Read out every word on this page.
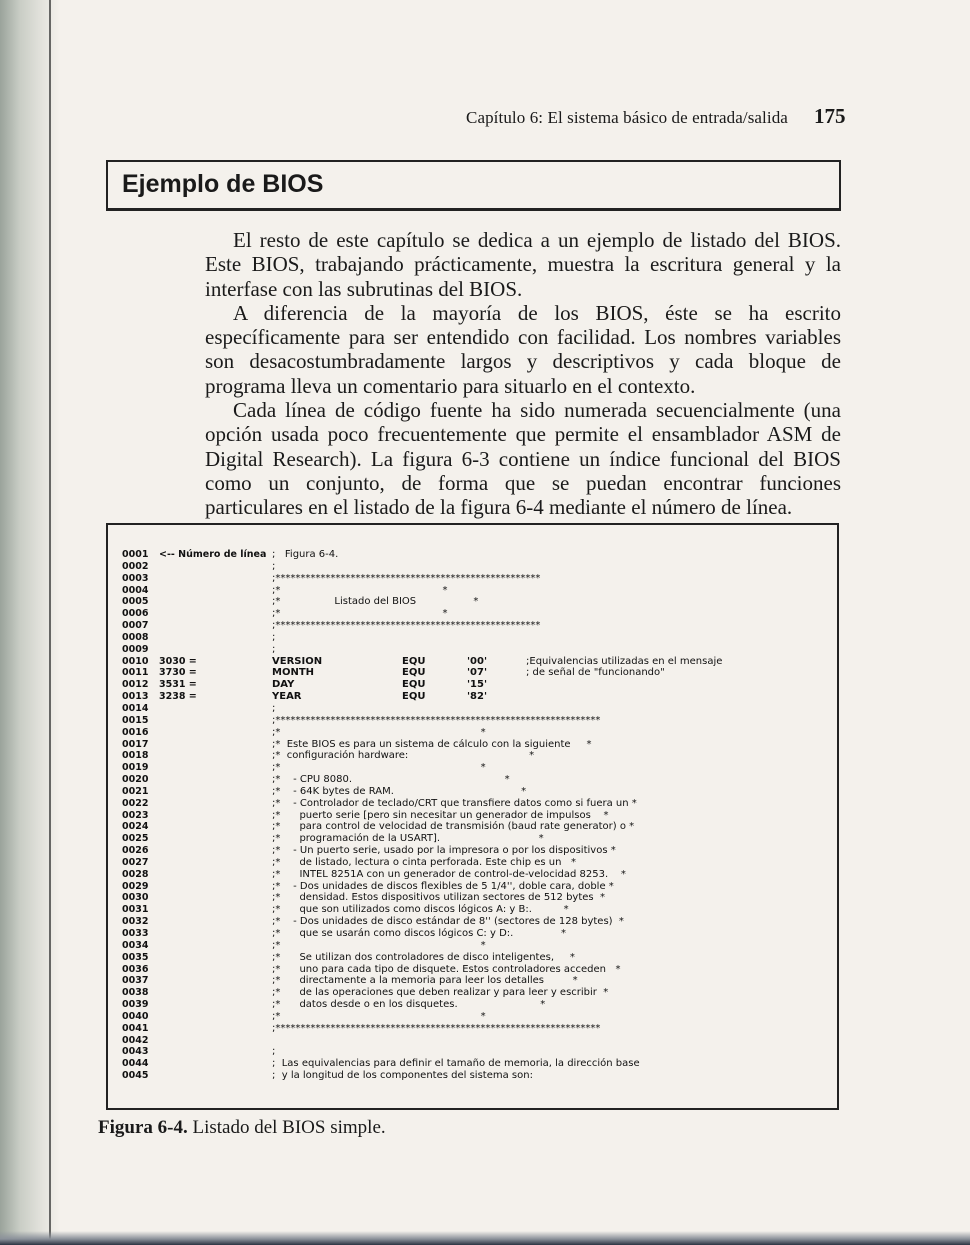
Capítulo 6: El sistema básico de entrada/salida 175
Ejemplo de BIOS

El resto de este capítulo se dedica a un ejemplo de listado del BIOS. Este BIOS, trabajando prácticamente, muestra la escritura general y la interfase con las subrutinas del BIOS.

A diferencia de la mayoría de los BIOS, éste se ha escrito específicamente para ser entendido con facilidad. Los nombres variables son desacostumbradamente largos y descriptivos y cada bloque de programa lleva un comentario para situarlo en el contexto.

Cada línea de código fuente ha sido numerada secuencialmente (una opción usada poco frecuentemente que permite el ensamblador ASM de Digital Research). La figura 6-3 contiene un índice funcional del BIOS como un conjunto, de forma que se puedan encontrar funciones particulares en el listado de la figura 6-4 mediante el número de línea.

0001 <-- Número de línea ;   Figura 6-4.
0002	;
0003	;*****************************************************
0004	;*                                                   *
0005	;*                 Listado del BIOS                  *
0006	;*                                                   *
0007	;*****************************************************
0008	;
0009	;
0010 3030 =	VERSION	EQU	'00'	;Equivalencias utilizadas en el mensaje
0011 3730 =	MONTH	EQU	'07'	; de señal de "funcionando"
0012 3531 =	DAY	EQU	'15'
0013 3238 =	YEAR	EQU	'82'
0014	;
0015	;*****************************************************************
0016	;*                                                               *
0017	;*  Este BIOS es para un sistema de cálculo con la siguiente     *
0018	;*  configuración hardware:                                      *
0019	;*                                                               *
0020	;*    - CPU 8080.                                                *
0021	;*    - 64K bytes de RAM.                                        *
0022	;*    - Controlador de teclado/CRT que transfiere datos como si fuera un *
0023	;*      puerto serie [pero sin necesitar un generador de impulsos    *
0024	;*      para control de velocidad de transmisión (baud rate generator) o *
0025	;*      programación de la USART].                               *
0026	;*    - Un puerto serie, usado por la impresora o por los dispositivos *
0027	;*      de listado, lectura o cinta perforada. Este chip es un   *
0028	;*      INTEL 8251A con un generador de control-de-velocidad 8253.    *
0029	;*    - Dos unidades de discos flexibles de 5 1/4'', doble cara, doble *
0030	;*      densidad. Estos dispositivos utilizan sectores de 512 bytes  *
0031	;*      que son utilizados como discos lógicos A: y B:.          *
0032	;*    - Dos unidades de disco estándar de 8'' (sectores de 128 bytes)  *
0033	;*      que se usarán como discos lógicos C: y D:.               *
0034	;*                                                               *
0035	;*      Se utilizan dos controladores de disco inteligentes,     *
0036	;*      uno para cada tipo de disquete. Estos controladores acceden   *
0037	;*      directamente a la memoria para leer los detalles         *
0038	;*      de las operaciones que deben realizar y para leer y escribir  *
0039	;*      datos desde o en los disquetes.                          *
0040	;*                                                               *
0041	;*****************************************************************
0042
0043	;
0044	;  Las equivalencias para definir el tamaño de memoria, la dirección base
0045	;  y la longitud de los componentes del sistema son:
Figura 6-4. Listado del BIOS simple.
